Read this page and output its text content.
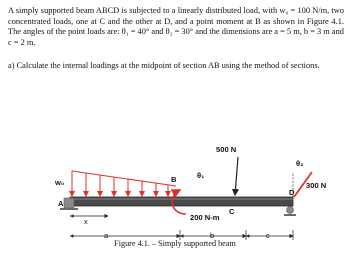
A simply supported beam ABCD is subjected to a linearly distributed load, with w₀ = 100 N/m, two concentrated loads, one at C and the other at D, and a point moment at B as shown in Figure 4.1. The angles of the point loads are: θ₁ = 40° and θ₂ = 30° and the dimensions are a = 5 m, b = 3 m and c = 2 m.
a) Calculate the internal loadings at the midpoint of section AB using the method of sections.
w₀
A
D
B	θ₁
500 N
200 N-m
C
θ₂
300 N
x
a	b	c
Figure 4.1. – Simply supported beam
